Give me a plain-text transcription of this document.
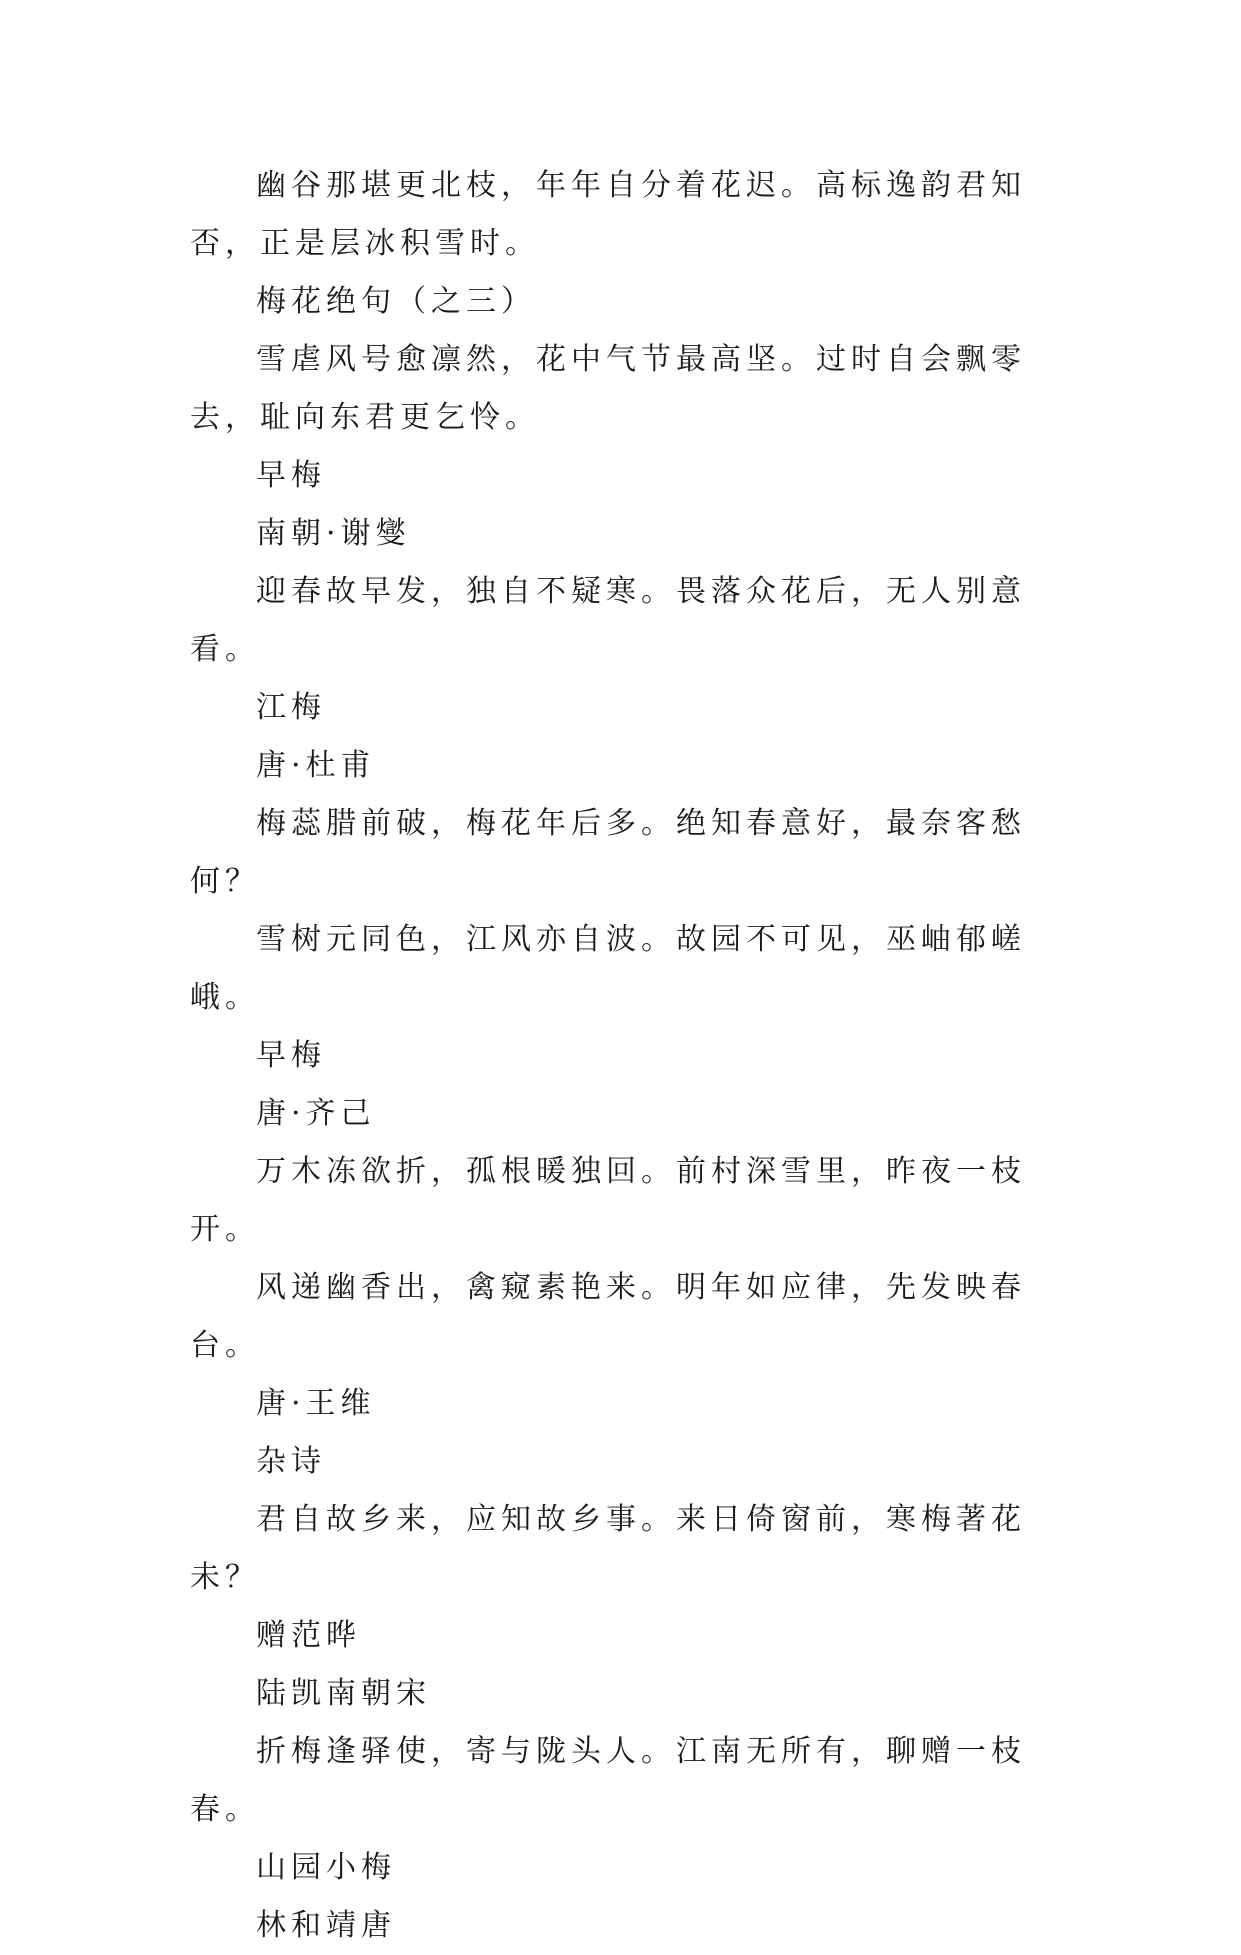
幽谷那堪更北枝，年年自分着花迟。高标逸韵君知否，正是层冰积雪时。

梅花绝句（之三）

雪虐风号愈凛然，花中气节最高坚。过时自会飘零去，耻向东君更乞怜。

早梅

南朝·谢燮

迎春故早发，独自不疑寒。畏落众花后，无人别意看。

江梅

唐·杜甫

梅蕊腊前破，梅花年后多。绝知春意好，最奈客愁何？

雪树元同色，江风亦自波。故园不可见，巫岫郁嵯峨。

早梅

唐·齐己

万木冻欲折，孤根暖独回。前村深雪里，昨夜一枝开。

风递幽香出，禽窥素艳来。明年如应律，先发映春台。

唐·王维

杂诗

君自故乡来，应知故乡事。来日倚窗前，寒梅著花未？

赠范晔

陆凯南朝宋

折梅逢驿使，寄与陇头人。江南无所有，聊赠一枝春。

山园小梅

林和靖唐
